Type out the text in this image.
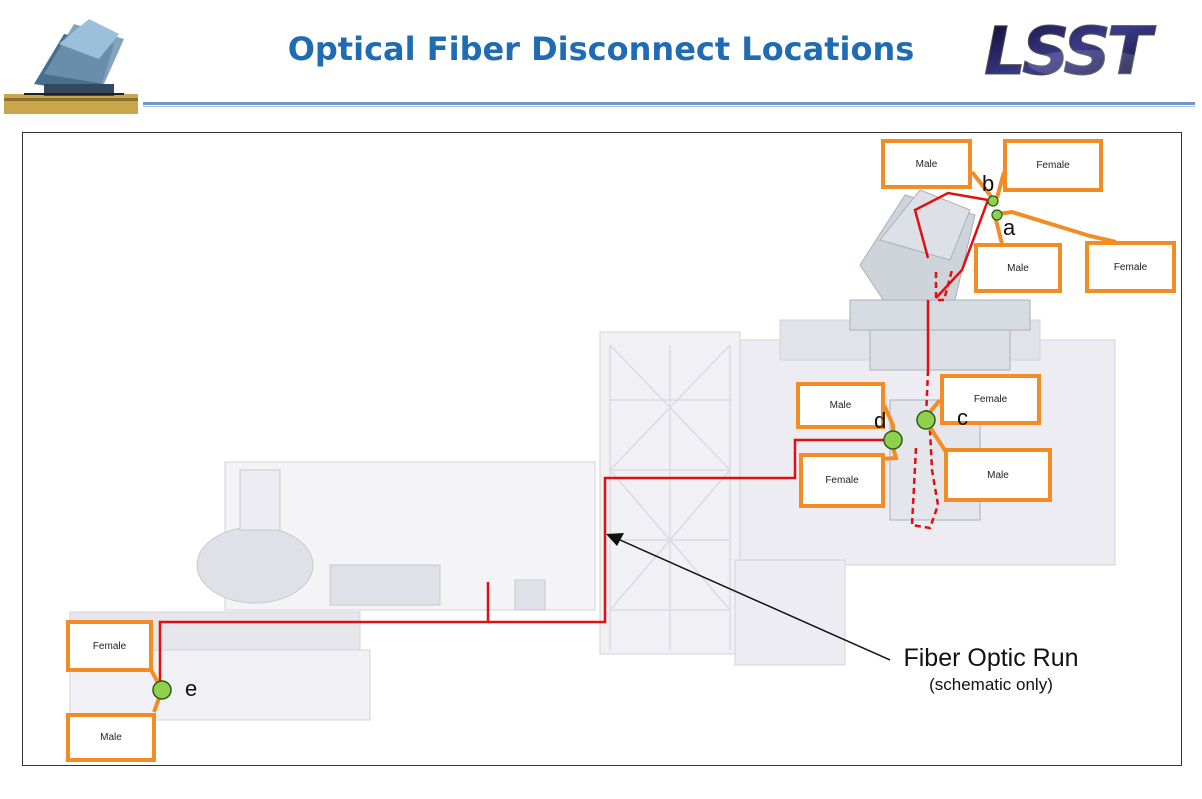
Optical Fiber Disconnect Locations	LSST
Male	Female
Male	Female
Male
Female
Female	Male
Female
Male
b
a
c
d
e
Fiber Optic Run
(schematic only)
